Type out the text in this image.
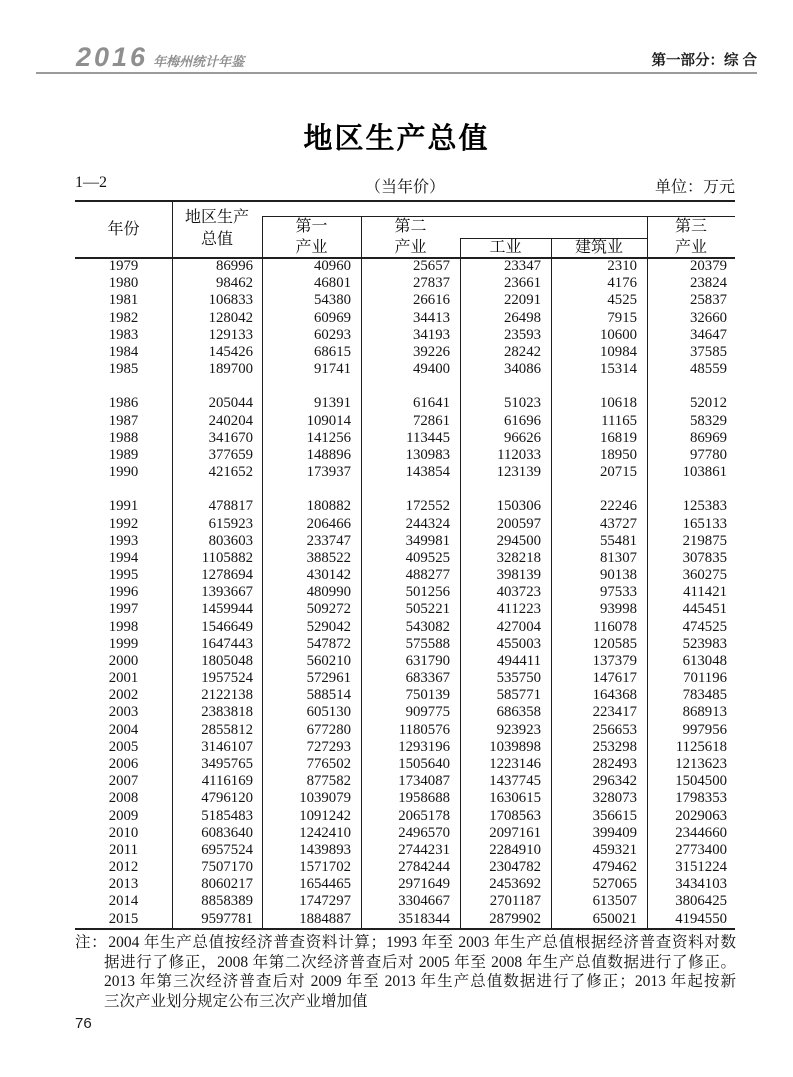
2016 年梅州统计年鉴	第一部分：综 合
地区生产总值
1—2	（当年价）	单位：万元
年份
地区生产
总值
第一
产业
第二
产业	工业	建筑业
第三
产业
1979	86996	40960	25657	23347	2310	20379
1980	98462	46801	27837	23661	4176	23824
1981	106833	54380	26616	22091	4525	25837
1982	128042	60969	34413	26498	7915	32660
1983	129133	60293	34193	23593	10600	34647
1984	145426	68615	39226	28242	10984	37585
1985	189700	91741	49400	34086	15314	48559
1986	205044	91391	61641	51023	10618	52012
1987	240204	109014	72861	61696	11165	58329
1988	341670	141256	113445	96626	16819	86969
1989	377659	148896	130983	112033	18950	97780
1990	421652	173937	143854	123139	20715	103861
1991	478817	180882	172552	150306	22246	125383
1992	615923	206466	244324	200597	43727	165133
1993	803603	233747	349981	294500	55481	219875
1994	1105882	388522	409525	328218	81307	307835
1995	1278694	430142	488277	398139	90138	360275
1996	1393667	480990	501256	403723	97533	411421
1997	1459944	509272	505221	411223	93998	445451
1998	1546649	529042	543082	427004	116078	474525
1999	1647443	547872	575588	455003	120585	523983
2000	1805048	560210	631790	494411	137379	613048
2001	1957524	572961	683367	535750	147617	701196
2002	2122138	588514	750139	585771	164368	783485
2003	2383818	605130	909775	686358	223417	868913
2004	2855812	677280	1180576	923923	256653	997956
2005	3146107	727293	1293196	1039898	253298	1125618
2006	3495765	776502	1505640	1223146	282493	1213623
2007	4116169	877582	1734087	1437745	296342	1504500
2008	4796120	1039079	1958688	1630615	328073	1798353
2009	5185483	1091242	2065178	1708563	356615	2029063
2010	6083640	1242410	2496570	2097161	399409	2344660
2011	6957524	1439893	2744231	2284910	459321	2773400
2012	7507170	1571702	2784244	2304782	479462	3151224
2013	8060217	1654465	2971649	2453692	527065	3434103
2014	8858389	1747297	3304667	2701187	613507	3806425
2015	9597781	1884887	3518344	2879902	650021	4194550
注：2004 年生产总值按经济普查资料计算；1993 年至 2003 年生产总值根据经济普查资料对数
据进行了修正，2008 年第二次经济普查后对 2005 年至 2008 年生产总值数据进行了修正。
2013 年第三次经济普查后对 2009 年至 2013 年生产总值数据进行了修正；2013 年起按新
三次产业划分规定公布三次产业增加值
76
